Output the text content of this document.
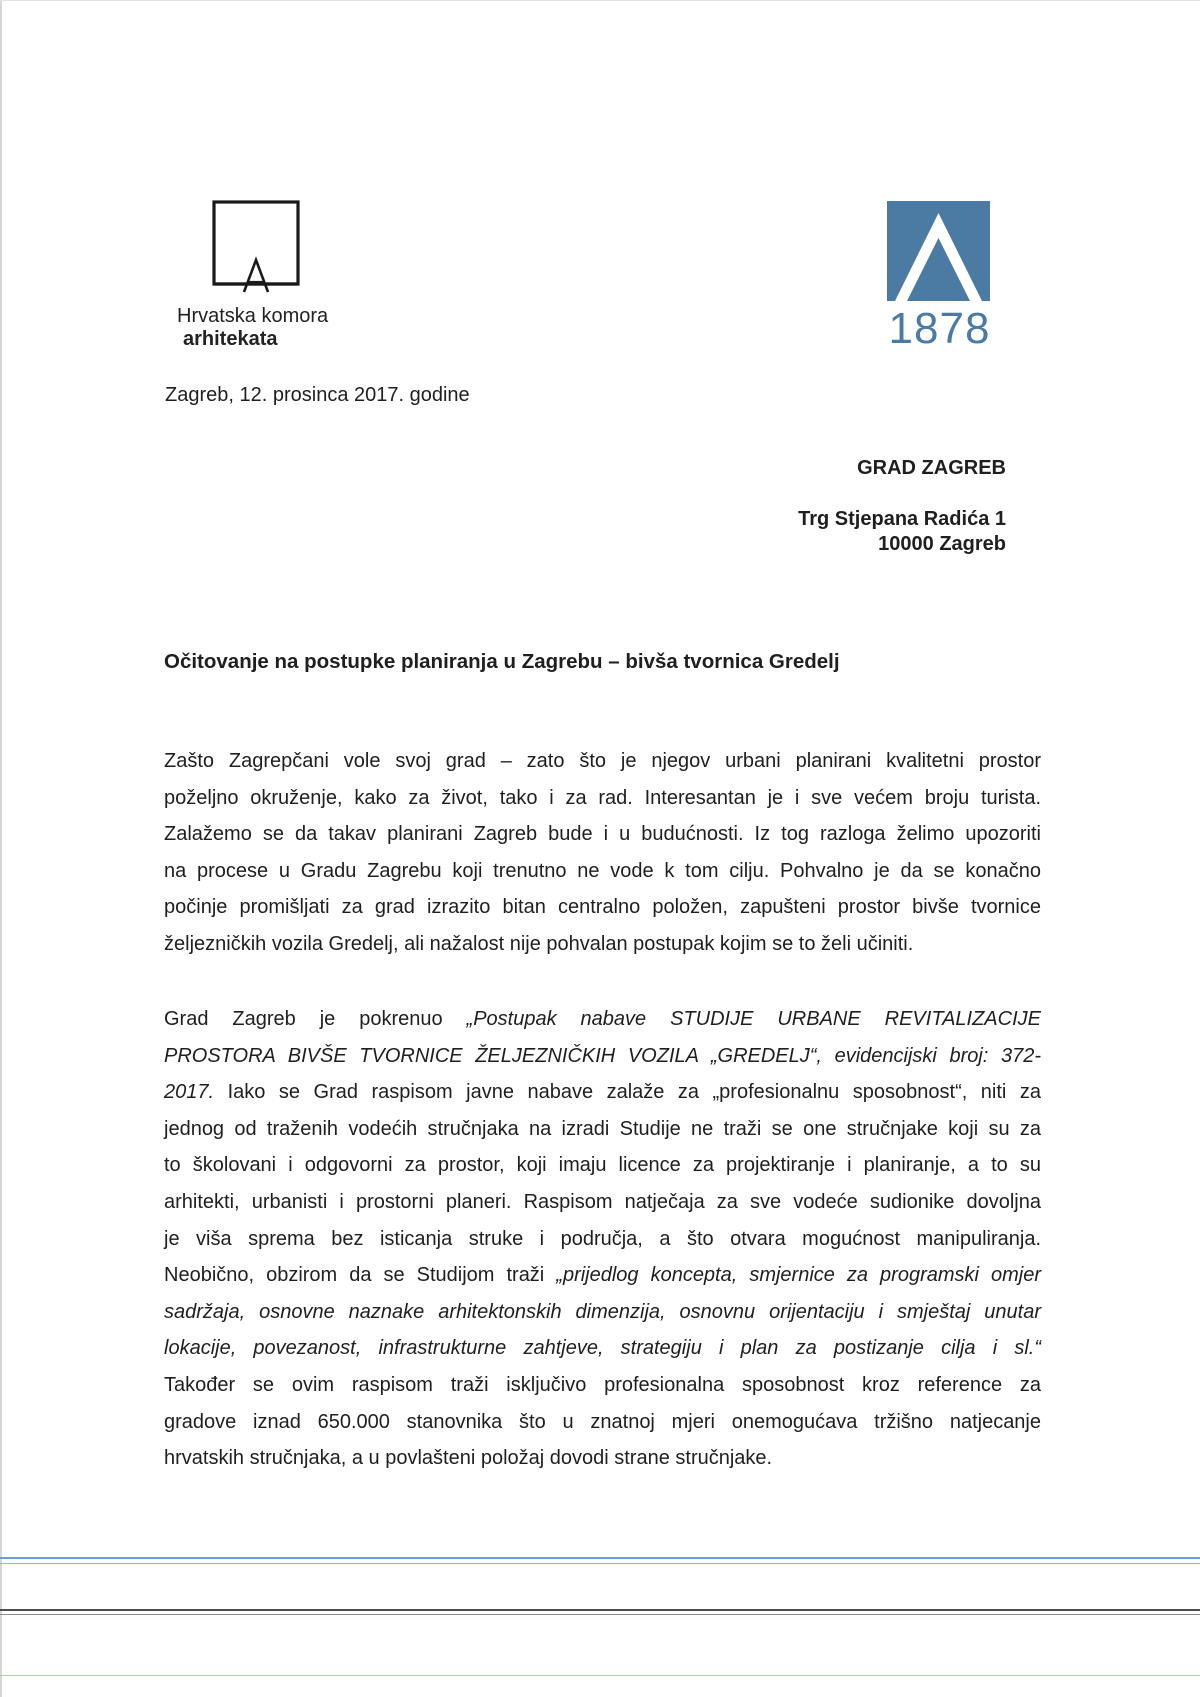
Hrvatska komora
arhitekata	1878
Zagreb, 12. prosinca 2017. godine
GRAD ZAGREB
Trg Stjepana Radića 1
10000 Zagreb
Očitovanje na postupke planiranja u Zagrebu – bivša tvornica Gredelj
Zašto Zagrepčani vole svoj grad – zato što je njegov urbani planirani kvalitetni prostor
poželjno okruženje, kako za život, tako i za rad. Interesantan je i sve većem broju turista.
Zalažemo se da takav planirani Zagreb bude i u budućnosti. Iz tog razloga želimo upozoriti
na procese u Gradu Zagrebu koji trenutno ne vode k tom cilju. Pohvalno je da se konačno
počinje promišljati za grad izrazito bitan centralno položen, zapušteni prostor bivše tvornice
željezničkih vozila Gredelj, ali nažalost nije pohvalan postupak kojim se to želi učiniti.
Grad Zagreb je pokrenuo „Postupak nabave STUDIJE URBANE REVITALIZACIJE
PROSTORA BIVŠE TVORNICE ŽELJEZNIČKIH VOZILA „GREDELJ“, evidencijski broj: 372-
2017. Iako se Grad raspisom javne nabave zalaže za „profesionalnu sposobnost“, niti za
jednog od traženih vodećih stručnjaka na izradi Studije ne traži se one stručnjake koji su za
to školovani i odgovorni za prostor, koji imaju licence za projektiranje i planiranje, a to su
arhitekti, urbanisti i prostorni planeri. Raspisom natječaja za sve vodeće sudionike dovoljna
je viša sprema bez isticanja struke i područja, a što otvara mogućnost manipuliranja.
Neobično, obzirom da se Studijom traži „prijedlog koncepta, smjernice za programski omjer
sadržaja, osnovne naznake arhitektonskih dimenzija, osnovnu orijentaciju i smještaj unutar
lokacije, povezanost, infrastrukturne zahtjeve, strategiju i plan za postizanje cilja i sl.“
Također se ovim raspisom traži isključivo profesionalna sposobnost kroz reference za
gradove iznad 650.000 stanovnika što u znatnoj mjeri onemogućava tržišno natjecanje
hrvatskih stručnjaka, a u povlašteni položaj dovodi strane stručnjake.
